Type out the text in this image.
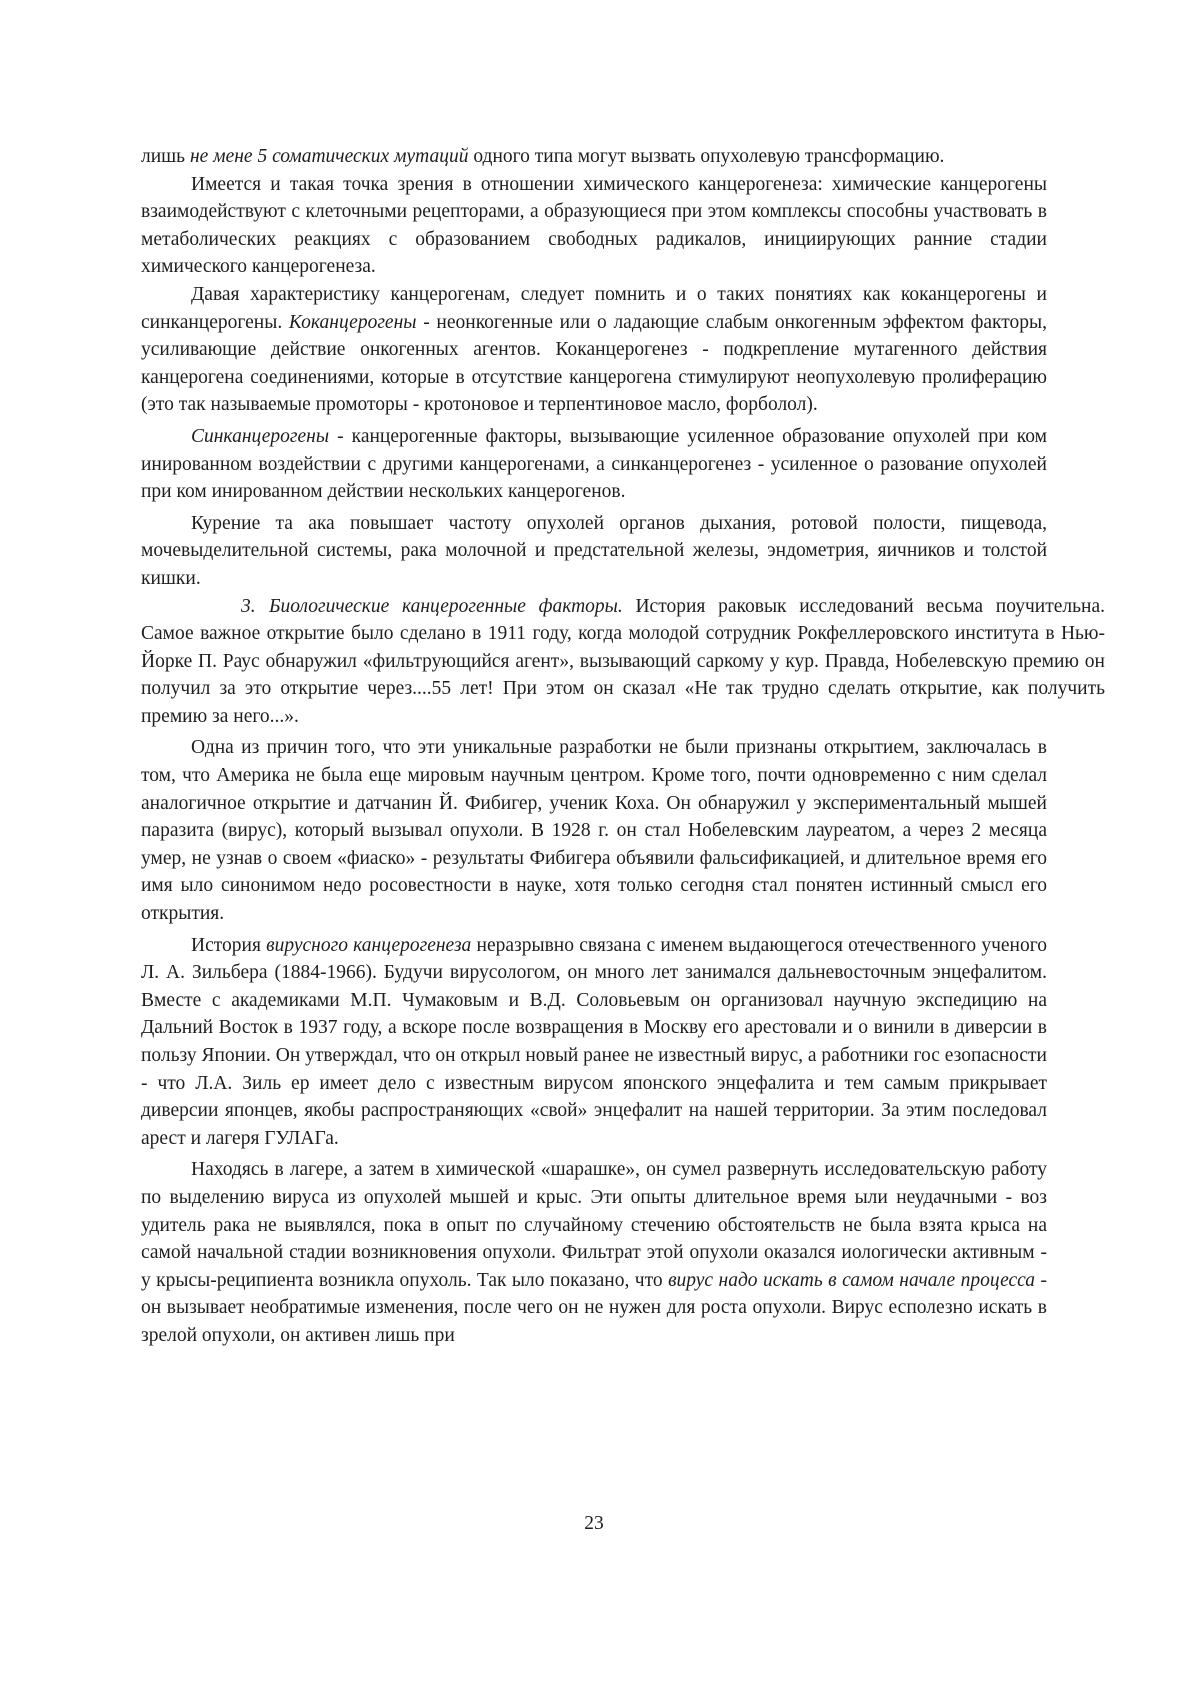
лишь не мене 5 соматических мутаций одного типа могут вызвать опухолевую трансформацию.

Имеется и такая точка зрения в отношении химического канцерогенеза: химические канцерогены взаимодействуют с клеточными рецепторами, а образующиеся при этом комплексы способны участвовать в метаболических реакциях с образованием свободных радикалов, инициирующих ранние стадии химического канцерогенеза.

Давая характеристику канцерогенам, следует помнить и о таких понятиях как коканцерогены и синканцерогены. Коканцерогены - неонкогенные или о ладающие слабым онкогенным эффектом факторы, усиливающие действие онкогенных агентов. Коканцерогенез - подкрепление мутагенного действия канцерогена соединениями, которые в отсутствие канцерогена стимулируют неопухолевую пролиферацию (это так называемые промоторы - кротоновое и терпентиновое масло, форболол).

Синканцерогены - канцерогенные факторы, вызывающие усиленное образование опухолей при ком инированном воздействии с другими канцерогенами, а синканцерогенез - усиленное о разование опухолей при ком инированном действии нескольких канцерогенов.

Курение та ака повышает частоту опухолей органов дыхания, ротовой полости, пищевода, мочевыделительной системы, рака молочной и предстательной железы, эндометрия, яичников и толстой кишки.

3. Биологические канцерогенные факторы. История раковык исследований весьма поучительна. Самое важное открытие было сделано в 1911 году, когда молодой сотрудник Рокфеллеровского института в Нью-Йорке П. Раус обнаружил «фильтрующийся агент», вызывающий саркому у кур. Правда, Нобелевскую премию он получил за это открытие через....55 лет! При этом он сказал «Не так трудно сделать открытие, как получить премию за него...».

Одна из причин того, что эти уникальные разработки не были признаны открытием, заключалась в том, что Америка не была еще мировым научным центром. Кроме того, почти одновременно с ним сделал аналогичное открытие и датчанин Й. Фибигер, ученик Коха. Он обнаружил у экспериментальный мышей паразита (вирус), который вызывал опухоли. В 1928 г. он стал Нобелевским лауреатом, а через 2 месяца умер, не узнав о своем «фиаско» - результаты Фибигера объявили фальсификацией, и длительное время его имя ыло синонимом недо росовестности в науке, хотя только сегодня стал понятен истинный смысл его открытия.

История вирусного канцерогенеза неразрывно связана с именем выдающегося отечественного ученого Л. А. Зильбера (1884-1966). Будучи вирусологом, он много лет занимался дальневосточным энцефалитом. Вместе с академиками М.П. Чумаковым и В.Д. Соловьевым он организовал научную экспедицию на Дальний Восток в 1937 году, а вскоре после возвращения в Москву его арестовали и о винили в диверсии в пользу Японии. Он утверждал, что он открыл новый ранее не известный вирус, а работники гос езопасности - что Л.А. Зиль ер имеет дело с известным вирусом японского энцефалита и тем самым прикрывает диверсии японцев, якобы распространяющих «свой» энцефалит на нашей территории. За этим последовал арест и лагеря ГУЛАГа.

Находясь в лагере, а затем в химической «шарашке», он сумел развернуть исследовательскую работу по выделению вируса из опухолей мышей и крыс. Эти опыты длительное время ыли неудачными - воз удитель рака не выявлялся, пока в опыт по случайному стечению обстоятельств не была взята крыса на самой начальной стадии возникновения опухоли. Фильтрат этой опухоли оказался иологически активным - у крысы-реципиента возникла опухоль. Так ыло показано, что вирус надо искать в самом начале процесса - он вызывает необратимые изменения, после чего он не нужен для роста опухоли. Вирус есполезно искать в зрелой опухоли, он активен лишь при

23
